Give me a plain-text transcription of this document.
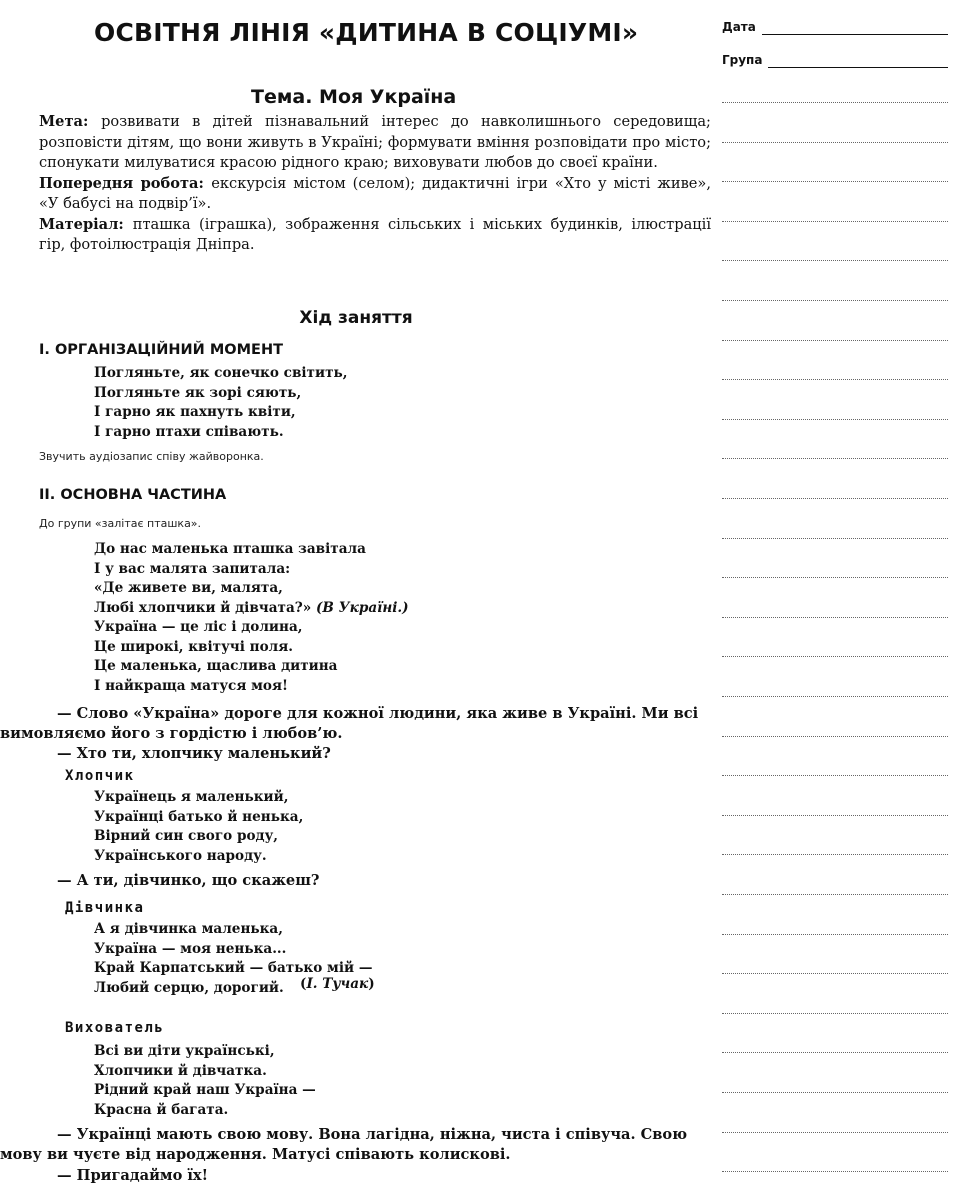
ОСВІТНЯ ЛІНІЯ «ДИТИНА В СОЦІУМІ»
Тема. Моя Україна

Мета: розвивати в дітей пізнавальний інтерес до навколишнього середовища; розповісти дітям, що вони живуть в Україні; формувати вміння розповідати про місто; спонукати милуватися красою рідного краю; виховувати любов до своєї країни.

Попередня робота: екскурсія містом (селом); дидактичні ігри «Хто у місті живе», «У бабусі на подвір’ї».

Матеріал: пташка (іграшка), зображення сільських і міських будинків, ілюстрації гір, фотоілюстрація Дніпра.

Хід заняття
I. ОРГАНІЗАЦІЙНИЙ МОМЕНТ
Погляньте, як сонечко світить,
Погляньте як зорі сяють,
І гарно як пахнуть квіти,
І гарно птахи співають.
Звучить аудіозапис співу жайворонка.
II. ОСНОВНА ЧАСТИНА
До групи «залітає пташка».
До нас маленька пташка завітала
І у вас малята запитала:
«Де живете ви, малята,
Любі хлопчики й дівчата?» (В Україні.)
Україна — це ліс і долина,
Це широкі, квітучі поля.
Це маленька, щаслива дитина
І найкраща матуся моя!

— Слово «Україна» дороге для кожної людини, яка живе в Україні. Ми всі

вимовляємо його з гордістю і любов’ю.

— Хто ти, хлопчику маленький?
Хлопчик
Українець я маленький,
Українці батько й ненька,
Вірний син свого роду,
Українського народу.
— А ти, дівчинко, що скажеш?
Дівчинка
А я дівчинка маленька,
Україна — моя ненька...
Край Карпатський — батько мій —
Любий серцю, дорогий.	(І. Тучак)
Вихователь
Всі ви діти українські,
Хлопчики й дівчатка.
Рідний край наш Україна —
Красна й багата.

— Українці мають свою мову. Вона лагідна, ніжна, чиста і співуча. Свою

мову ви чуєте від народження. Матусі співають колискові.

— Пригадаймо їх!
Дата
Група
